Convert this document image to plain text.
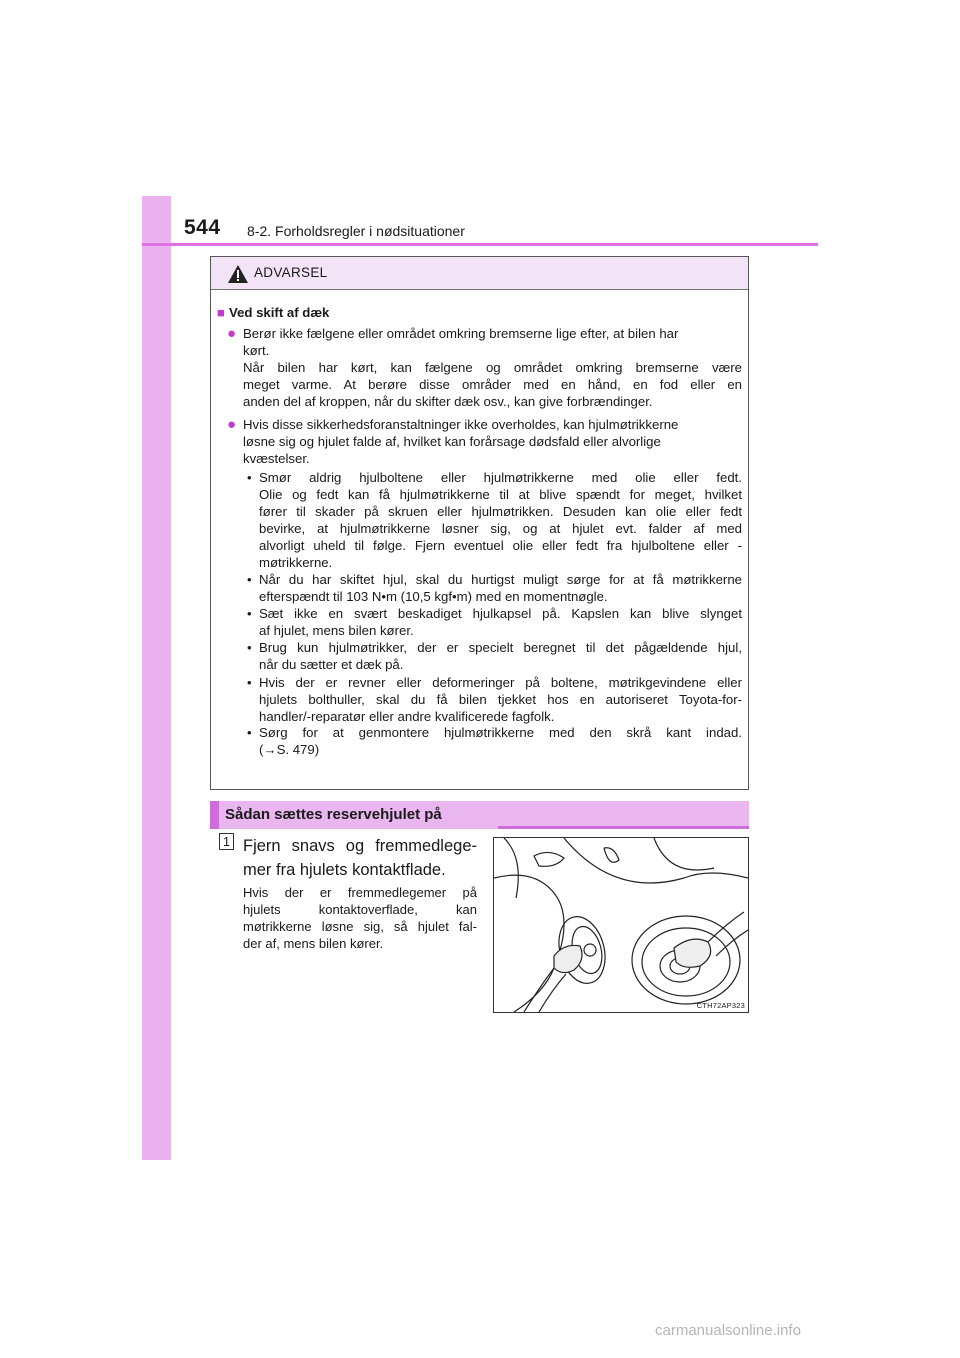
544 8-2. Forholdsregler i nødsituationer
ADVARSEL
■ Ved skift af dæk
● Berør ikke fælgene eller området omkring bremserne lige efter, at bilen har
kørt.
Når bilen har kørt, kan fælgene og området omkring bremserne være
meget varme. At berøre disse områder med en hånd, en fod eller en
anden del af kroppen, når du skifter dæk osv., kan give forbrændinger.
● Hvis disse sikkerhedsforanstaltninger ikke overholdes, kan hjulmøtrikkerne
løsne sig og hjulet falde af, hvilket kan forårsage dødsfald eller alvorlige
kvæstelser.
• Smør aldrig hjulboltene eller hjulmøtrikkerne med olie eller fedt.
Olie og fedt kan få hjulmøtrikkerne til at blive spændt for meget, hvilket
fører til skader på skruen eller hjulmøtrikken. Desuden kan olie eller fedt
bevirke, at hjulmøtrikkerne løsner sig, og at hjulet evt. falder af med
alvorligt uheld til følge. Fjern eventuel olie eller fedt fra hjulboltene eller -
møtrikkerne.
• Når du har skiftet hjul, skal du hurtigst muligt sørge for at få møtrikkerne
efterspændt til 103 N•m (10,5 kgf•m) med en momentnøgle.
• Sæt ikke en svært beskadiget hjulkapsel på. Kapslen kan blive slynget
af hjulet, mens bilen kører.
• Brug kun hjulmøtrikker, der er specielt beregnet til det pågældende hjul,
når du sætter et dæk på.
• Hvis der er revner eller deformeringer på boltene, møtrikgevindene eller
hjulets bolthuller, skal du få bilen tjekket hos en autoriseret Toyota-for-
handler/-reparatør eller andre kvalificerede fagfolk.
• Sørg for at genmontere hjulmøtrikkerne med den skrå kant indad.
(→S. 479)
Sådan sættes reservehjulet på
1 Fjern snavs og fremmedlege-
mer fra hjulets kontaktflade.
Hvis der er fremmedlegemer på
hjulets kontaktoverflade, kan
møtrikkerne løsne sig, så hjulet fal-
der af, mens bilen kører.
CTH72AP323
carmanualsonline.info
